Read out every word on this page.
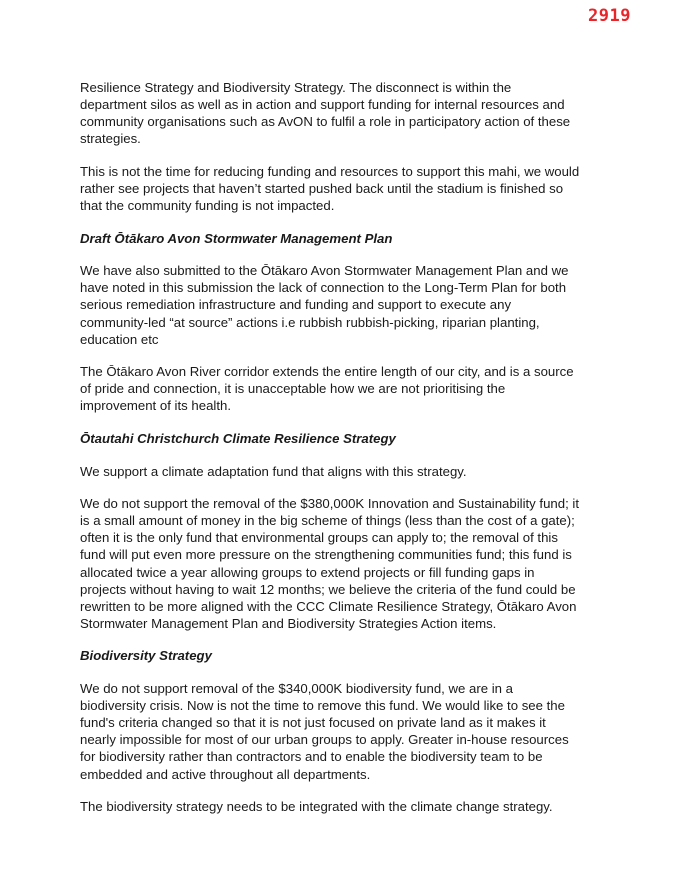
2919

Resilience Strategy and Biodiversity Strategy. The disconnect is within the department silos as well as in action and support funding for internal resources and community organisations such as AvON to fulfil a role in participatory action of these strategies.

This is not the time for reducing funding and resources to support this mahi, we would rather see projects that haven’t started pushed back until the stadium is finished so that the community funding is not impacted.

Draft Ōtākaro Avon Stormwater Management Plan

We have also submitted to the Ōtākaro Avon Stormwater Management Plan and we have noted in this submission the lack of connection to the Long-Term Plan for both serious remediation infrastructure and funding and support to execute any community-led “at source” actions i.e rubbish rubbish-picking, riparian planting, education etc

The Ōtākaro Avon River corridor extends the entire length of our city, and is a source of pride and connection, it is unacceptable how we are not prioritising the improvement of its health.

Ōtautahi Christchurch Climate Resilience Strategy

We support a climate adaptation fund that aligns with this strategy.

We do not support the removal of the $380,000K Innovation and Sustainability fund; it is a small amount of money in the big scheme of things (less than the cost of a gate); often it is the only fund that environmental groups can apply to; the removal of this fund will put even more pressure on the strengthening communities fund; this fund is allocated twice a year allowing groups to extend projects or fill funding gaps in projects without having to wait 12 months; we believe the criteria of the fund could be rewritten to be more aligned with the CCC Climate Resilience Strategy, Ōtākaro Avon Stormwater Management Plan and Biodiversity Strategies Action items.

Biodiversity Strategy

We do not support removal of the $340,000K biodiversity fund, we are in a biodiversity crisis. Now is not the time to remove this fund. We would like to see the fund's criteria changed so that it is not just focused on private land as it makes it nearly impossible for most of our urban groups to apply. Greater in-house resources for biodiversity rather than contractors and to enable the biodiversity team to be embedded and active throughout all departments.

The biodiversity strategy needs to be integrated with the climate change strategy.
